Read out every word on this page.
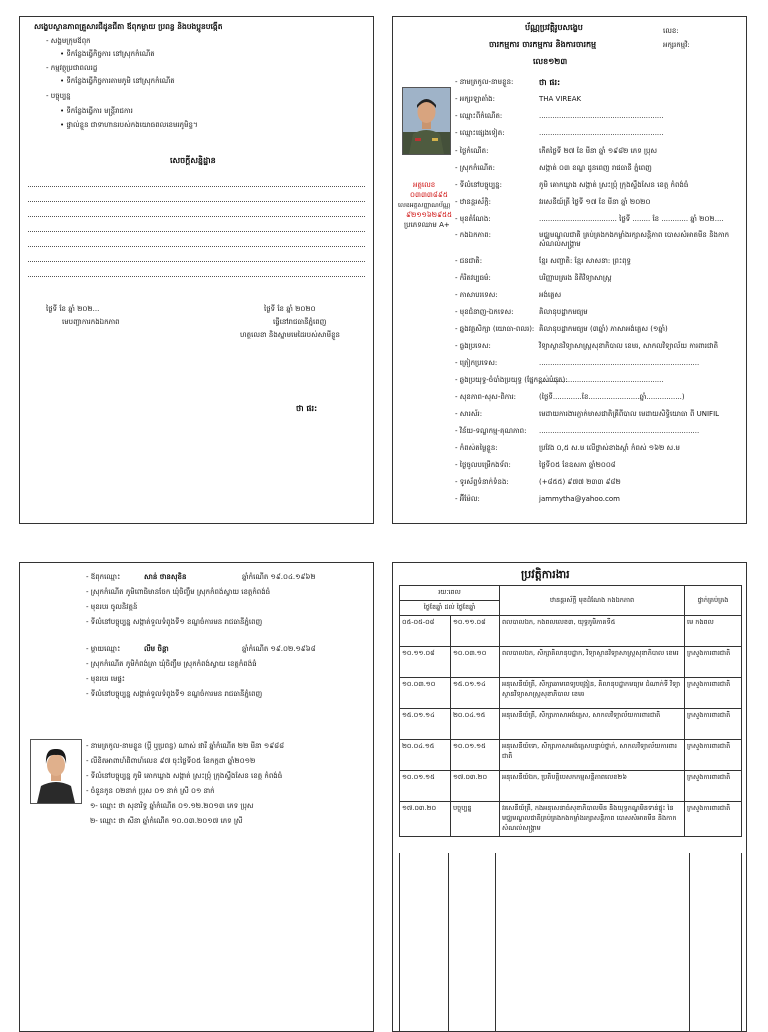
សង្ខេបស្ថានភាពគ្រួសារជីដូនជីតា ឪពុកម្តាយ ប្រពន្ធ និងបងប្អូនបង្កើត
- សង្គមក្រុមឪពុក
• ទីកន្លែងធ្វើកិច្ចការ នៅស្រុកកំណើត
- កម្មវត្ថុប្រជាពលរដ្ឋ
• ទីកន្លែងធ្វើកិច្ចការតាមភូមិ នៅស្រុកកំណើត
- បច្ចុប្បន្ន
• ទីកន្លែងធ្វើការ មន្ត្រីរាជការ
• ផ្ទាល់ខ្លួន ជាទាហានរបស់កងយោធពលខេមរភូមិន្ទ។
សេចក្តីសន្និដ្ឋាន
ថ្ងៃទី ខែ ឆ្នាំ ២០២...
មេបញ្ជាការកងឯកភាព
ថ្ងៃទី ខែ ឆ្នាំ ២០២០
ធ្វើនៅរាជធានីភ្នំពេញ
ហត្ថលេខា និងស្នាមមេដៃរបស់សាមីខ្លួន
ថា ផរ:
ប័ណ្ណប្រវត្តិរូបសង្ខេប
ចារកម្មការ ចារកម្មការ និងការចារកម្ម
លេខ១២៣
លេខ:
អក្សរកម្មវិ:
អត្តលេខ
០៣៣៣៨៩៥
លេខអត្តសញ្ញាណប័ណ្ណ
៩២១១៦២៩៥៥
ប្រភេទឈាម A+
- នាមត្រកូល-នាមខ្លួន:	ថា ផរ:
- អក្សរឡាតាំង:	THA VIREAK
- ឈ្មោះពីកំណើត:	........................................................
- ឈ្មោះផ្សេងទៀត:	........................................................
- ថ្ងៃកំណើត:	កើតថ្ងៃទី ២៧ ខែ មីនា ឆ្នាំ ១៩៨២ ភេទ ប្រុស
- ស្រុកកំណើត:	សង្កាត់ ០៣ ខណ្ឌ ដូនពេញ រាជធានី ភ្នំពេញ
- ទីលំនៅបច្ចុប្បន្ន:	ភូមិ គោកឃ្លាង សង្កាត់ ស្រះប្រុំ ក្រុងស្ទឹងសែន ខេត្ត កំពង់ធំ
- ឋានន្តរស័ក្តិ:	វរសេនីយ៍ត្រី ថ្ងៃទី ១៧ ខែ មីនា ឆ្នាំ ២០២០
- មុខតំណែង:	................................... ថ្ងៃទី ........ ខែ ............ ឆ្នាំ ២០២....
- កងឯកភាព:	មជ្ឈមណ្ឌលជាតិ គ្រប់គ្រងកងកម្លាំងរក្សាសន្តិភាព បោសសំអាតមីន និងកាកសំណល់សង្គ្រាម
- ជនជាតិ:	ខ្មែរ សញ្ជាតិ: ខ្មែរ សាសនា: ព្រះពុទ្ធ
- កំរិតវប្បធម៌:	បរិញ្ញាបត្រ​រង និតិវិទ្យាសាស្ត្រ
- ភាសាបរទេស:	អង់គ្លេស
- មុខជំនាញ-ឯកទេស:	គិលានុបដ្ឋាកមធ្យម
- ឆ្នងវគ្គសិក្សា (យោធា-ពលរ): គិលានុបដ្ឋាកមធ្យម (៣ឆ្នាំ) ភាសាអង់គ្លេស (១ឆ្នាំ)
- ធ្លងប្រទេស:	វិទ្យាស្ថានវិទ្យាសាស្ត្រសុខាភិបាល ខេមរ, សាកលវិទ្យាល័យ ការពារជាតិ
- ត្រៀកប្រទេស:	........................................................................
- ឆ្លងប្រយុទ្ធ-ចំបាំងប្រយុទ្ធ (ផ្នែកខ្ពស់បំផុត):
........................................................
- សុខភាព-សុស-ពិការ:	(ថ្ងៃទី.............ខែ.......................ឆ្នាំ................)
- សារស័រ:	មេដាយការងារភ្ញាក់មាសជាតិគ្រីពីបាល មេដាយសិទ្ធិយោធា ពី UNIFIL
- វិន័យ-ទណ្ឌកម្ម-គុណភាព: ........................................................................
- កំពស់តម្លៃខ្លួន:	ប្រវែង ០,៥ ស.ម លើថ្ងាស់ខាងស្តាំ កំពស់ ១៦២ ស.ម
- ថ្ងៃចូលបម្រើកងទ័ព:	ថ្ងៃទី០៥ ខែឧសភា ឆ្នាំ២០០៨
- ទូរស័ព្ទទំនាក់ទំនង:	(+៨៥៥) ៩៧៧ ២៣៣ ៩៨២
- អ៊ីម៉ែល:	jammytha@yahoo.com
- ឪពុកឈ្មោះ	សាន់ ថានសុខិន	ឆ្នាំកំណើត ១៩.០៤.១៩៦២
- ស្រុកកំណើត ភូមិពោធិមានចែក ឃុំចិញ្ចឹម ស្រុកកំពង់ស្វាយ ខេត្តកំពង់ធំ
- មុខរបរ ចូលនិវត្តន៍
- ទីលំនៅបច្ចុប្បន្ន សង្កាត់ទួលទំពូងទី១ ខណ្ឌចំការមន រាជធានីភ្នំពេញ
- ម្តាយឈ្មោះ	លីម ចិន្តា	ឆ្នាំកំណើត ១៩.០២.១៩៦៨
- ស្រុកកំណើត ភូមិកំពង់ត្រា ឃុំចិញ្ចឹម ស្រុកកំពង់ស្វាយ ខេត្តកំពង់ធំ
- មុខរបរ មេផ្ទះ
- ទីលំនៅបច្ចុប្បន្ន សង្កាត់ទួលទំពូងទី១ ខណ្ឌចំការមន រាជធានីភ្នំពេញ
- នាមត្រកូល-នាមខ្លួន (ប្តី ឬប្រពន្ធ) ណាស់ ផារី ឆ្នាំកំណើត ២២ មីនា ១៩៨៨
- លីខិតអាពាហ៍ពិពាហ៍លេខ ៩៧ ចុះថ្ងៃទី០៥ ខែកក្កដា ឆ្នាំ២០១២
- ទីលំនៅបច្ចុប្បន្ន ភូមិ គោកឃ្លាង សង្កាត់ ស្រះប្រុំ ក្រុងស្ទឹងសែន ខេត្ត កំពង់ធំ
- ចំនួនកូន ០២នាក់ ប្រុស ០១ នាក់ ស្រី ០១ នាក់
១- ឈ្មោះ ថា សុខារិទ្ធ ឆ្នាំកំណើត ០១.១២.២០១៣ ភេទ ប្រុស
២- ឈ្មោះ ថា សីនា ឆ្នាំកំណើត ១០.០៣.២០១៧ ភេទ ស្រី
ប្រវត្តិការងារ
រយៈពេល		ឋានន្តរស័ក្តិ មុខដំណែង កងឯកភាព	ផ្ទាក់គ្រប់គ្រង
ថ្ងៃខែឆ្នាំ ដល់ ថ្ងៃខែឆ្នាំ			
០៥-០៥-០៨	១០.១១.០៨	ពលបាលឯក, កងពលលេខ៣, យុទ្ធភូមិភាគទី៥	មេ កងពល
១០.១១.០៨	១០.០៣.១០	ពលបាលឯក, សិក្សាគិលានុបដ្ឋាក, វិទ្យាស្ថានវិទ្យាសាស្ត្រសុខាភិបាល ខេមរ	ក្រសួងការពារជាតិ
១០.០៣.១០	១៥.០១.១៤	អនុសេនីយ៍ត្រី, សិក្សាឆាមពេទ្យបង្រៀន, គិលានុបដ្ឋាកមធ្យម ដំណាក់ទី វិទ្យាស្ថានវិទ្យាសាស្ត្រសុខាភិបាល ខេមរ	ក្រសួងការពារជាតិ
១៥.០១.១៤	២០.០៤.១៥	អនុសេនីយ៍ត្រី, សិក្សាភាសាអង់គ្លេស, សាកលវិទ្យាល័យការពារជាតិ	ក្រសួងការពារជាតិ
២០.០៤.១៥	១០.០១.១៥	អនុសេនីយ៍ទោ, សិក្សាភាសាអង់គ្លេសបន្ទាប់ថ្នាក់, សាកលវិទ្យាល័យការពារជាតិ	ក្រសួងការពារជាតិ
១០.០១.១៥	១៧.០៣.២០	អនុសេនីយ៍ឯក, ប្រតិបត្តិបេសកកម្មសន្តិភាពលេខ២៦	ក្រសួងការពារជាតិ
១៧.០៣.២០	បច្ចុប្បន្ន	វរសេនីយ៍ត្រី, កងអនុសេនាធំសុខាភិបាលមីន និងយុទ្ធភណ្ឌមិនទាន់ផ្ទុះ នៃមជ្ឈមណ្ឌលជាតិគ្រប់គ្រងកងកម្លាំងរក្សាសន្តិភាព បោសសំអាតមីន និងកាកសំណល់សង្គ្រាម	ក្រសួងការពារជាតិ
